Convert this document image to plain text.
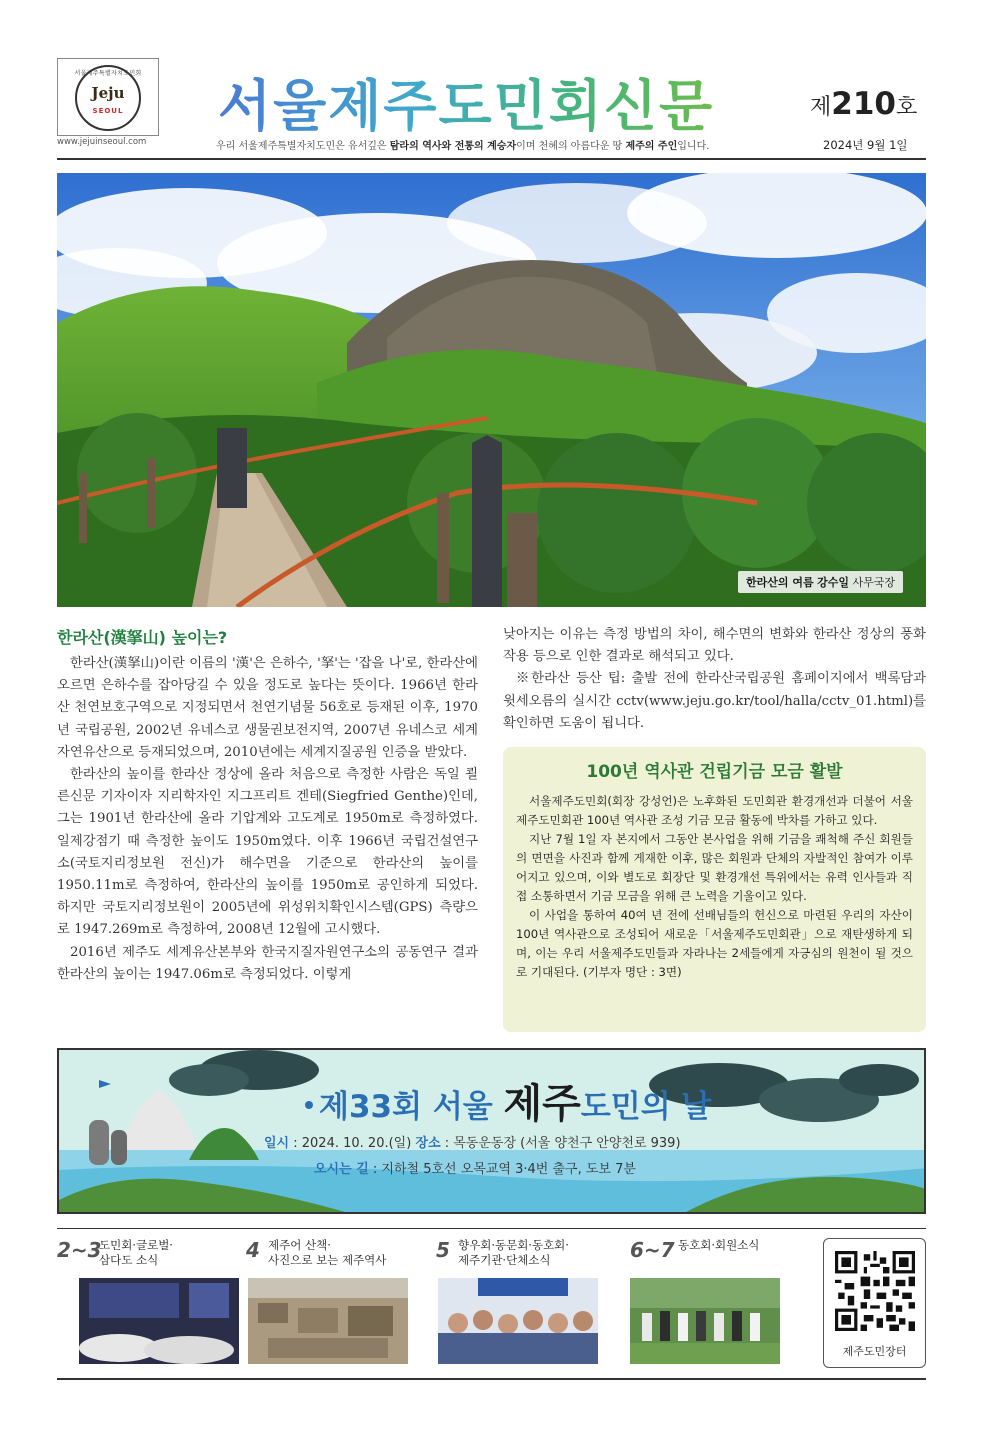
서울제주특별자치도민회
Jeju
SEOUL
www.jejuinseoul.com
서울제주도민회신문
우리 서울제주특별자치도민은 유서깊은 탐라의 역사와 전통의 계승자이며 천혜의 아름다운 땅 제주의 주인입니다.
제210호
2024년 9월 1일
한라산의 여름 강수일 사무국장
한라산(漢拏山) 높이는?

한라산(漢拏山)이란 이름의 '漢'은 은하수, '拏'는 '잡을 나'로, 한라산에 오르면 은하수를 잡아당길 수 있을 정도로 높다는 뜻이다. 1966년 한라산 천연보호구역으로 지정되면서 천연기념물 56호로 등재된 이후, 1970년 국립공원, 2002년 유네스코 생물권보전지역, 2007년 유네스코 세계자연유산으로 등재되었으며, 2010년에는 세계지질공원 인증을 받았다.

한라산의 높이를 한라산 정상에 올라 처음으로 측정한 사람은 독일 쾰른신문 기자이자 지리학자인 지그프리트 겐테(Siegfried Genthe)인데, 그는 1901년 한라산에 올라 기압계와 고도계로 1950m로 측정하였다. 일제강점기 때 측정한 높이도 1950m였다. 이후 1966년 국립건설연구소(국토지리정보원 전신)가 해수면을 기준으로 한라산의 높이를 1950.11m로 측정하여, 한라산의 높이를 1950m로 공인하게 되었다. 하지만 국토지리정보원이 2005년에 위성위치확인시스템(GPS) 측량으로 1947.269m로 측정하여, 2008년 12월에 고시했다.

2016년 제주도 세계유산본부와 한국지질자원연구소의 공동연구 결과 한라산의 높이는 1947.06m로 측정되었다. 이렇게

낮아지는 이유는 측정 방법의 차이, 해수면의 변화와 한라산 정상의 풍화작용 등으로 인한 결과로 해석되고 있다.

※한라산 등산 팁: 출발 전에 한라산국립공원 홈페이지에서 백록담과 윗세오름의 실시간 cctv(www.jeju.go.kr/tool/halla/cctv_01.html)를 확인하면 도움이 됩니다.

100년 역사관 건립기금 모금 활발

서울제주도민회(회장 강성언)은 노후화된 도민회관 환경개선과 더불어 서울제주도민회관 100년 역사관 조성 기금 모금 활동에 박차를 가하고 있다.

지난 7월 1일 자 본지에서 그동안 본사업을 위해 기금을 쾌척해 주신 회원들의 면면을 사진과 함께 게재한 이후, 많은 회원과 단체의 자발적인 참여가 이루어지고 있으며, 이와 별도로 회장단 및 환경개선 특위에서는 유력 인사들과 직접 소통하면서 기금 모금을 위해 큰 노력을 기울이고 있다.

이 사업을 통하여 40여 년 전에 선배님들의 헌신으로 마련된 우리의 자산이 100년 역사관으로 조성되어 새로운「서울제주도민회관」으로 재탄생하게 되며, 이는 우리 서울제주도민들과 자라나는 2세들에게 자긍심의 원천이 될 것으로 기대된다. (기부자 명단 : 3면)

제33회 서울 제주도민의 날
일시 : 2024. 10. 20.(일) 장소 : 목동운동장 (서울 양천구 안양천로 939)
오시는 길 : 지하철 5호선 오목교역 3·4번 출구, 도보 7분
2~3
도민회·글로벌·
삼다도 소식	4 제주어 산책·
사진으로 보는 제주역사 5 향우회·동문회·동호회·
제주기관·단체소식	6~7 동호회·회원소식
제주도민장터
